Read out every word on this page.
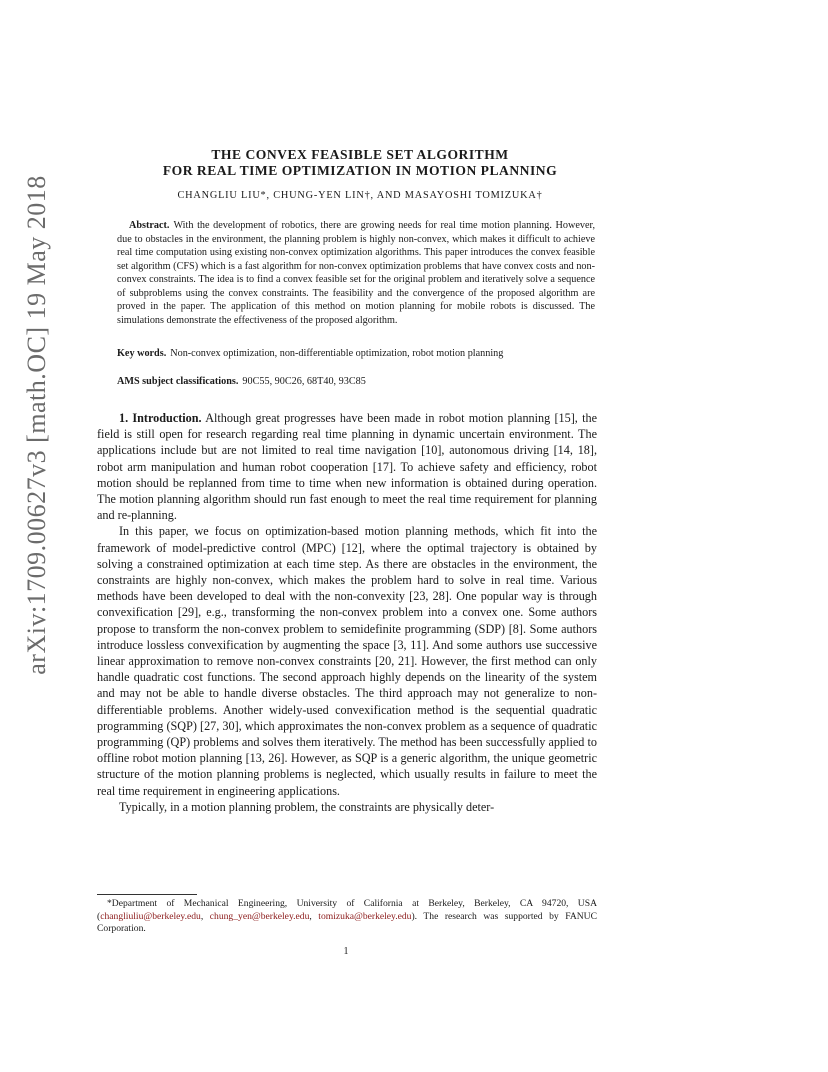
arXiv:1709.00627v3 [math.OC] 19 May 2018
THE CONVEX FEASIBLE SET ALGORITHM
FOR REAL TIME OPTIMIZATION IN MOTION PLANNING
CHANGLIU LIU*, CHUNG-YEN LIN†, AND MASAYOSHI TOMIZUKA†
Abstract. With the development of robotics, there are growing needs for real time motion planning. However, due to obstacles in the environment, the planning problem is highly non-convex, which makes it difficult to achieve real time computation using existing non-convex optimization algorithms. This paper introduces the convex feasible set algorithm (CFS) which is a fast algorithm for non-convex optimization problems that have convex costs and non-convex constraints. The idea is to find a convex feasible set for the original problem and iteratively solve a sequence of subproblems using the convex constraints. The feasibility and the convergence of the proposed algorithm are proved in the paper. The application of this method on motion planning for mobile robots is discussed. The simulations demonstrate the effectiveness of the proposed algorithm.
Key words. Non-convex optimization, non-differentiable optimization, robot motion planning
AMS subject classifications. 90C55, 90C26, 68T40, 93C85

1. Introduction. Although great progresses have been made in robot motion planning [15], the field is still open for research regarding real time planning in dynamic uncertain environment. The applications include but are not limited to real time navigation [10], autonomous driving [14, 18], robot arm manipulation and human robot cooperation [17]. To achieve safety and efficiency, robot motion should be replanned from time to time when new information is obtained during operation. The motion planning algorithm should run fast enough to meet the real time requirement for planning and re-planning.

In this paper, we focus on optimization-based motion planning methods, which fit into the framework of model-predictive control (MPC) [12], where the optimal trajectory is obtained by solving a constrained optimization at each time step. As there are obstacles in the environment, the constraints are highly non-convex, which makes the problem hard to solve in real time. Various methods have been developed to deal with the non-convexity [23, 28]. One popular way is through convexification [29], e.g., transforming the non-convex problem into a convex one. Some authors propose to transform the non-convex problem to semidefinite programming (SDP) [8]. Some authors introduce lossless convexification by augmenting the space [3, 11]. And some authors use successive linear approximation to remove non-convex constraints [20, 21]. However, the first method can only handle quadratic cost functions. The second approach highly depends on the linearity of the system and may not be able to handle diverse obstacles. The third approach may not generalize to non-differentiable problems. Another widely-used convexification method is the sequential quadratic programming (SQP) [27, 30], which approximates the non-convex problem as a sequence of quadratic programming (QP) problems and solves them iteratively. The method has been successfully applied to offline robot motion planning [13, 26]. However, as SQP is a generic algorithm, the unique geometric structure of the motion planning problems is neglected, which usually results in failure to meet the real time requirement in engineering applications.

Typically, in a motion planning problem, the constraints are physically deter-

*Department of Mechanical Engineering, University of California at Berkeley, Berkeley, CA 94720, USA (changliuliu@berkeley.edu, chung_yen@berkeley.edu, tomizuka@berkeley.edu). The research was supported by FANUC Corporation.

1
